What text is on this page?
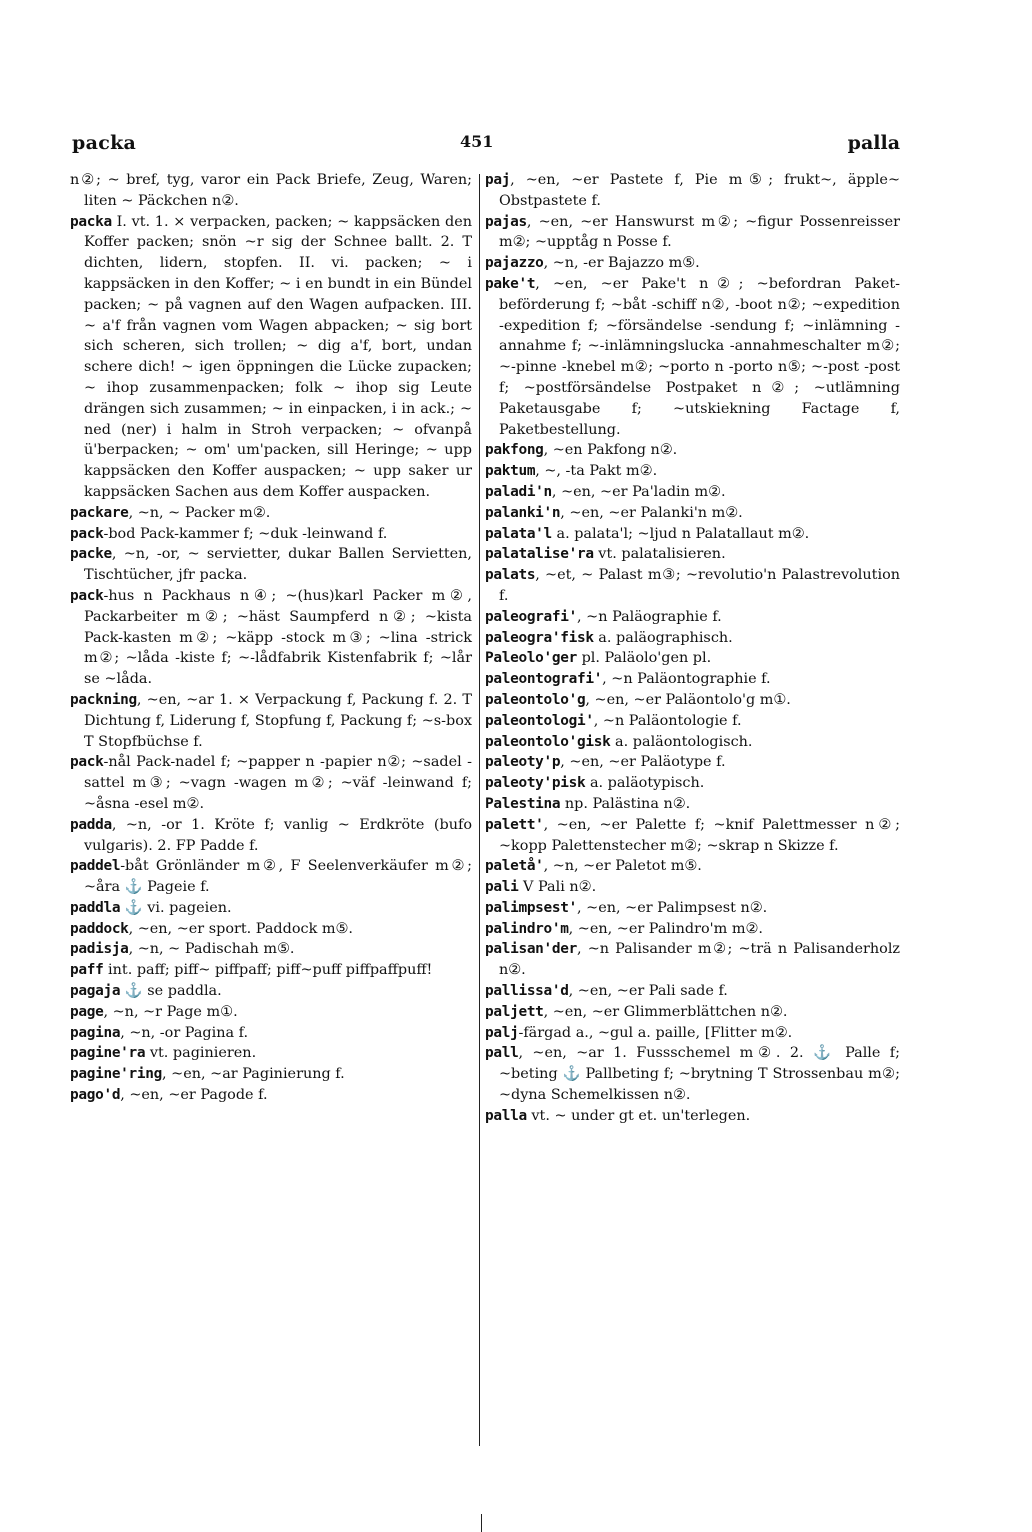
packa	451	palla

n②; ~ bref, tyg, varor ein Pack Briefe, Zeug, Waren; liten ~ Päckchen n②.

packa I. vt. 1. × verpacken, packen; ~ kappsäcken den Koffer packen; snön ~r sig der Schnee ballt. 2. T dichten, lidern, stopfen. II. vi. packen; ~ i kappsäcken in den Koffer; ~ i en bundt in ein Bündel packen; ~ på vagnen auf den Wagen aufpacken. III. ~ a'f från vagnen vom Wagen abpacken; ~ sig bort sich scheren, sich trollen; ~ dig a'f, bort, undan schere dich! ~ igen öppningen die Lücke zupacken; ~ ihop zusammenpacken; folk ~ ihop sig Leute drängen sich zusammen; ~ in einpacken, i in ack.; ~ ned (ner) i halm in Stroh verpacken; ~ ofvanpå ü'berpacken; ~ om' um'packen, sill Heringe; ~ upp kappsäcken den Koffer auspacken; ~ upp saker ur kappsäcken Sachen aus dem Koffer auspacken.

packare, ~n, ~ Packer m②.

pack-bod Pack-kammer f; ~duk -leinwand f.

packe, ~n, -or, ~ servietter, dukar Ballen Servietten, Tischtücher, jfr packa.

pack-hus n Packhaus n④; ~(hus)karl Packer m②, Packarbeiter m②; ~häst Saumpferd n②; ~kista Pack-kasten m②; ~käpp -stock m③; ~lina -strick m②; ~låda -kiste f; ~-lådfabrik Kistenfabrik f; ~lår se ~låda.

packning, ~en, ~ar 1. × Verpackung f, Packung f. 2. T Dichtung f, Liderung f, Stopfung f, Packung f; ~s-box T Stopfbüchse f.

pack-nål Pack-nadel f; ~papper n -papier n②; ~sadel -sattel m③; ~vagn -wagen m②; ~väf -leinwand f; ~åsna -esel m②.

padda, ~n, -or 1. Kröte f; vanlig ~ Erdkröte (bufo vulgaris). 2. FP Padde f.

paddel-båt Grönländer m②, F Seelenverkäufer m②; ~åra ⚓ Pageie f.

paddla ⚓ vi. pageien.

paddock, ~en, ~er sport. Paddock m⑤.

padisja, ~n, ~ Padischah m⑤.

paff int. paff; piff~ piffpaff; piff~puff piffpaffpuff!

pagaja ⚓ se paddla.

page, ~n, ~r Page m①.

pagina, ~n, -or Pagina f.

pagine'ra vt. paginieren.

pagine'ring, ~en, ~ar Paginierung f.

pago'd, ~en, ~er Pagode f.

paj, ~en, ~er Pastete f, Pie m⑤; frukt~, äpple~ Obstpastete f.

pajas, ~en, ~er Hanswurst m②; ~figur Possenreisser m②; ~upptåg n Posse f.

pajazzo, ~n, -er Bajazzo m⑤.

pake't, ~en, ~er Pake't n②; ~befordran Paket-beförderung f; ~båt -schiff n②, -boot n②; ~expedition -expedition f; ~försändelse -sendung f; ~inlämning -annahme f; ~-inlämningslucka -annahmeschalter m②; ~-pinne -knebel m②; ~porto n -porto n⑤; ~-post -post f; ~postförsändelse Postpaket n②; ~utlämning Paketausgabe f; ~utskiekning Factage f, Paketbestellung.

pakfong, ~en Pakfong n②.

paktum, ~, -ta Pakt m②.

paladi'n, ~en, ~er Pa'ladin m②.

palanki'n, ~en, ~er Palanki'n m②.

palata'l a. palata'l; ~ljud n Palatallaut m②.

palatalise'ra vt. palatalisieren.

palats, ~et, ~ Palast m③; ~revolutio'n Palastrevolution f.

paleografi', ~n Paläographie f.

paleogra'fisk a. paläographisch.

Paleolo'ger pl. Paläolo'gen pl.

paleontografi', ~n Paläontographie f.

paleontolo'g, ~en, ~er Paläontolo'g m①.

paleontologi', ~n Paläontologie f.

paleontolo'gisk a. paläontologisch.

paleoty'p, ~en, ~er Paläotype f.

paleoty'pisk a. paläotypisch.

Palestina np. Palästina n②.

palett', ~en, ~er Palette f; ~knif Palettmesser n②; ~kopp Palettenstecher m②; ~skrap n Skizze f.

paletå', ~n, ~er Paletot m⑤.

pali V Pali n②.

palimpsest', ~en, ~er Palimpsest n②.

palindro'm, ~en, ~er Palindro'm m②.

palisan'der, ~n Palisander m②; ~trä n Palisanderholz n②.

pallissa'd, ~en, ~er Pali sade f.

paljett, ~en, ~er Glimmerblättchen n②.

palj-färgad a., ~gul a. paille, [Flitter m②.

pall, ~en, ~ar 1. Fussschemel m②. 2. ⚓ Palle f; ~beting ⚓ Pallbeting f; ~brytning T Strossenbau m②; ~dyna Schemelkissen n②.

palla vt. ~ under gt et. un'terlegen.
